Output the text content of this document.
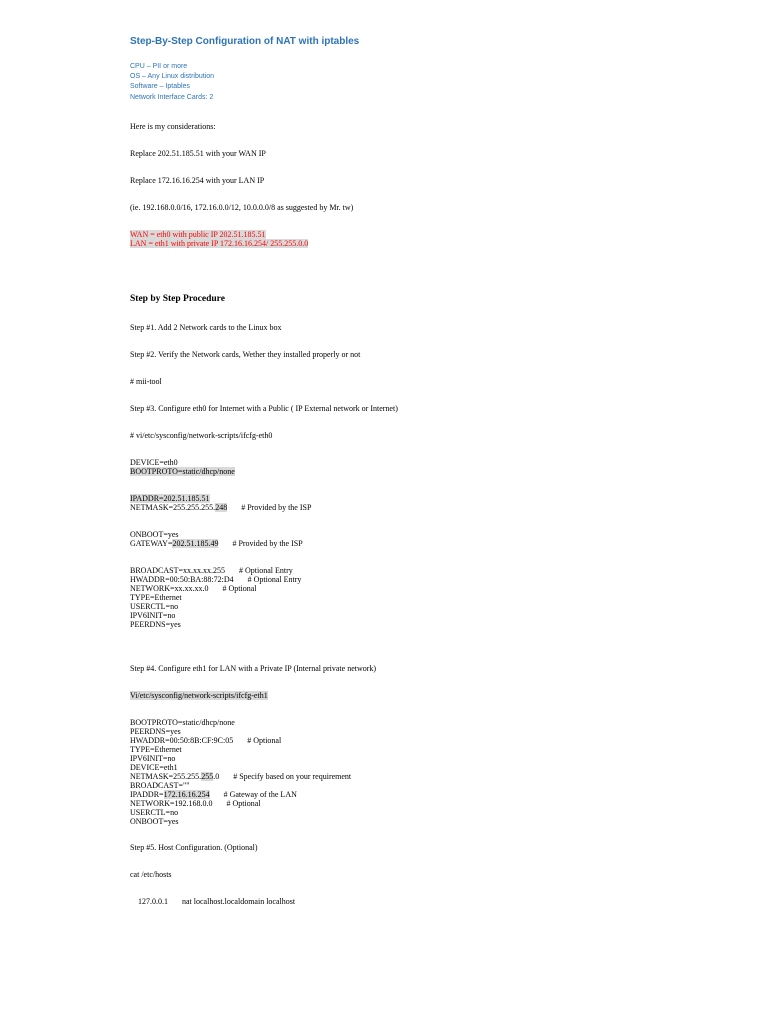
Step-By-Step Configuration of NAT with iptables
CPU – PII or more
OS – Any Linux distribution
Software – Iptables
Network Interface Cards: 2
Here is my considerations:
Replace 202.51.185.51 with your WAN IP
Replace 172.16.16.254 with your LAN IP
(ie. 192.168.0.0/16, 172.16.0.0/12, 10.0.0.0/8 as suggested by Mr. tw)
WAN = eth0 with public IP 202.51.185.51
LAN = eth1 with private IP 172.16.16.254/ 255.255.0.0
Step by Step Procedure
Step #1. Add 2 Network cards to the Linux box
Step #2. Verify the Network cards, Wether they installed properly or not
# mii-tool
Step #3. Configure eth0 for Internet with a Public ( IP External network or Internet)
# vi/etc/sysconfig/network-scripts/ifcfg-eth0
DEVICE=eth0
BOOTPROTO=static/dhcp/none
IPADDR=202.51.185.51
NETMASK=255.255.255.248 # Provided by the ISP
ONBOOT=yes
GATEWAY=202.51.185.49 # Provided by the ISP
BROADCAST=xx.xx.xx.255 # Optional Entry
HWADDR=00:50:BA:88:72:D4 # Optional Entry
NETWORK=xx.xx.xx.0 # Optional
TYPE=Ethernet
USERCTL=no
IPV6INIT=no
PEERDNS=yes
Step #4. Configure eth1 for LAN with a Private IP (Internal private network)
Vi/etc/sysconfig/network-scripts/ifcfg-eth1
BOOTPROTO=static/dhcp/none
PEERDNS=yes
HWADDR=00:50:8B:CF:9C:05 # Optional
TYPE=Ethernet
IPV6INIT=no
DEVICE=eth1
NETMASK=255.255.255.0 # Specify based on your requirement
BROADCAST=""
IPADDR=172.16.16.254 # Gateway of the LAN
NETWORK=192.168.0.0 # Optional
USERCTL=no
ONBOOT=yes
Step #5. Host Configuration. (Optional)
cat /etc/hosts
127.0.0.1 nat localhost.localdomain localhost
